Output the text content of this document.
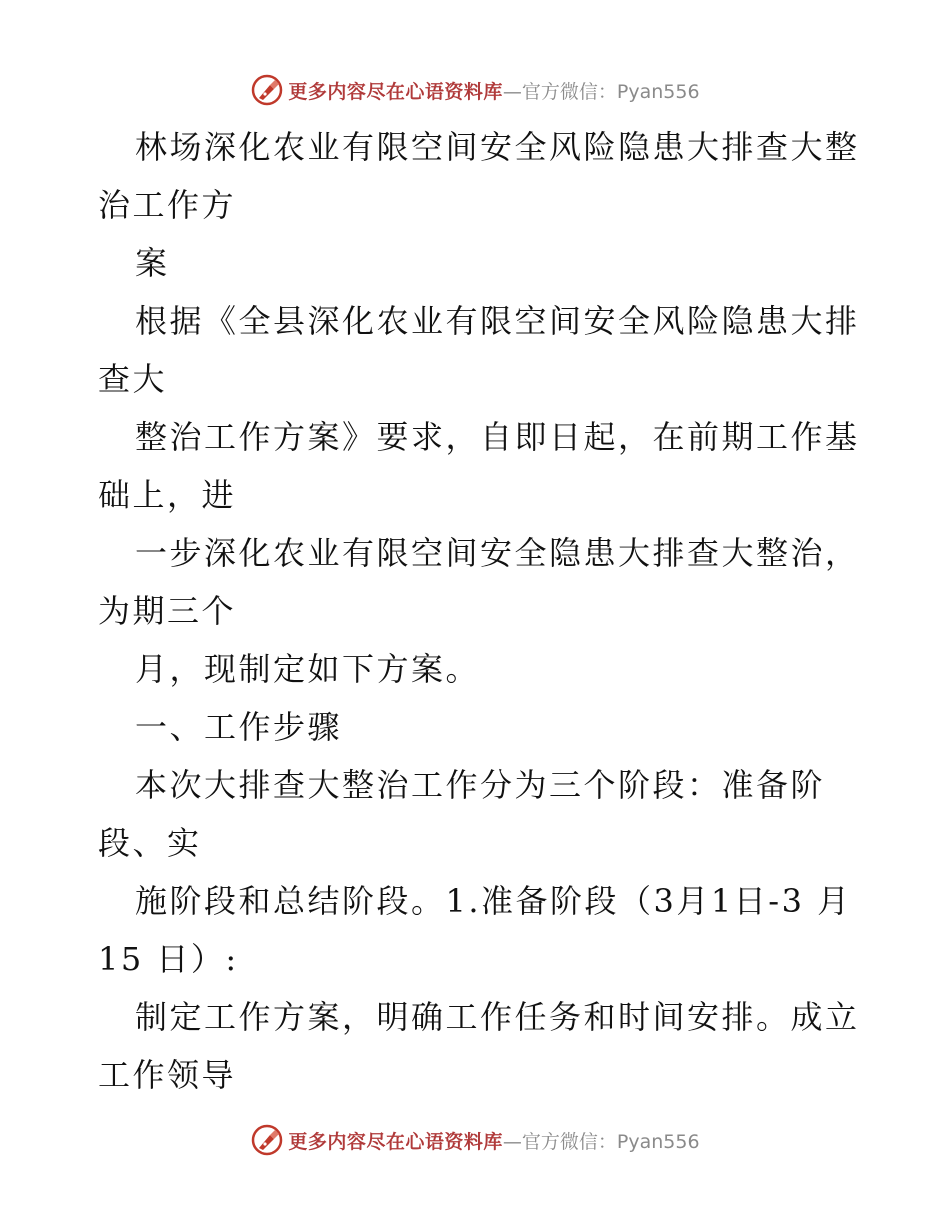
更多内容尽在心语资料库 —官方微信：Pyan556
林场深化农业有限空间安全风险隐患大排查大整
治工作方
案
根据《全县深化农业有限空间安全风险隐患大排
查大
整治工作方案》要求，自即日起，在前期工作基
础上，进
一步深化农业有限空间安全隐患大排查大整治，
为期三个
月，现制定如下方案。
一、工作步骤
本次大排查大整治工作分为三个阶段：准备阶
段、实
施阶段和总结阶段。1.准备阶段（3月1日-3 月
15 日）:
制定工作方案，明确工作任务和时间安排。成立
工作领导
更多内容尽在心语资料库 —官方微信：Pyan556
